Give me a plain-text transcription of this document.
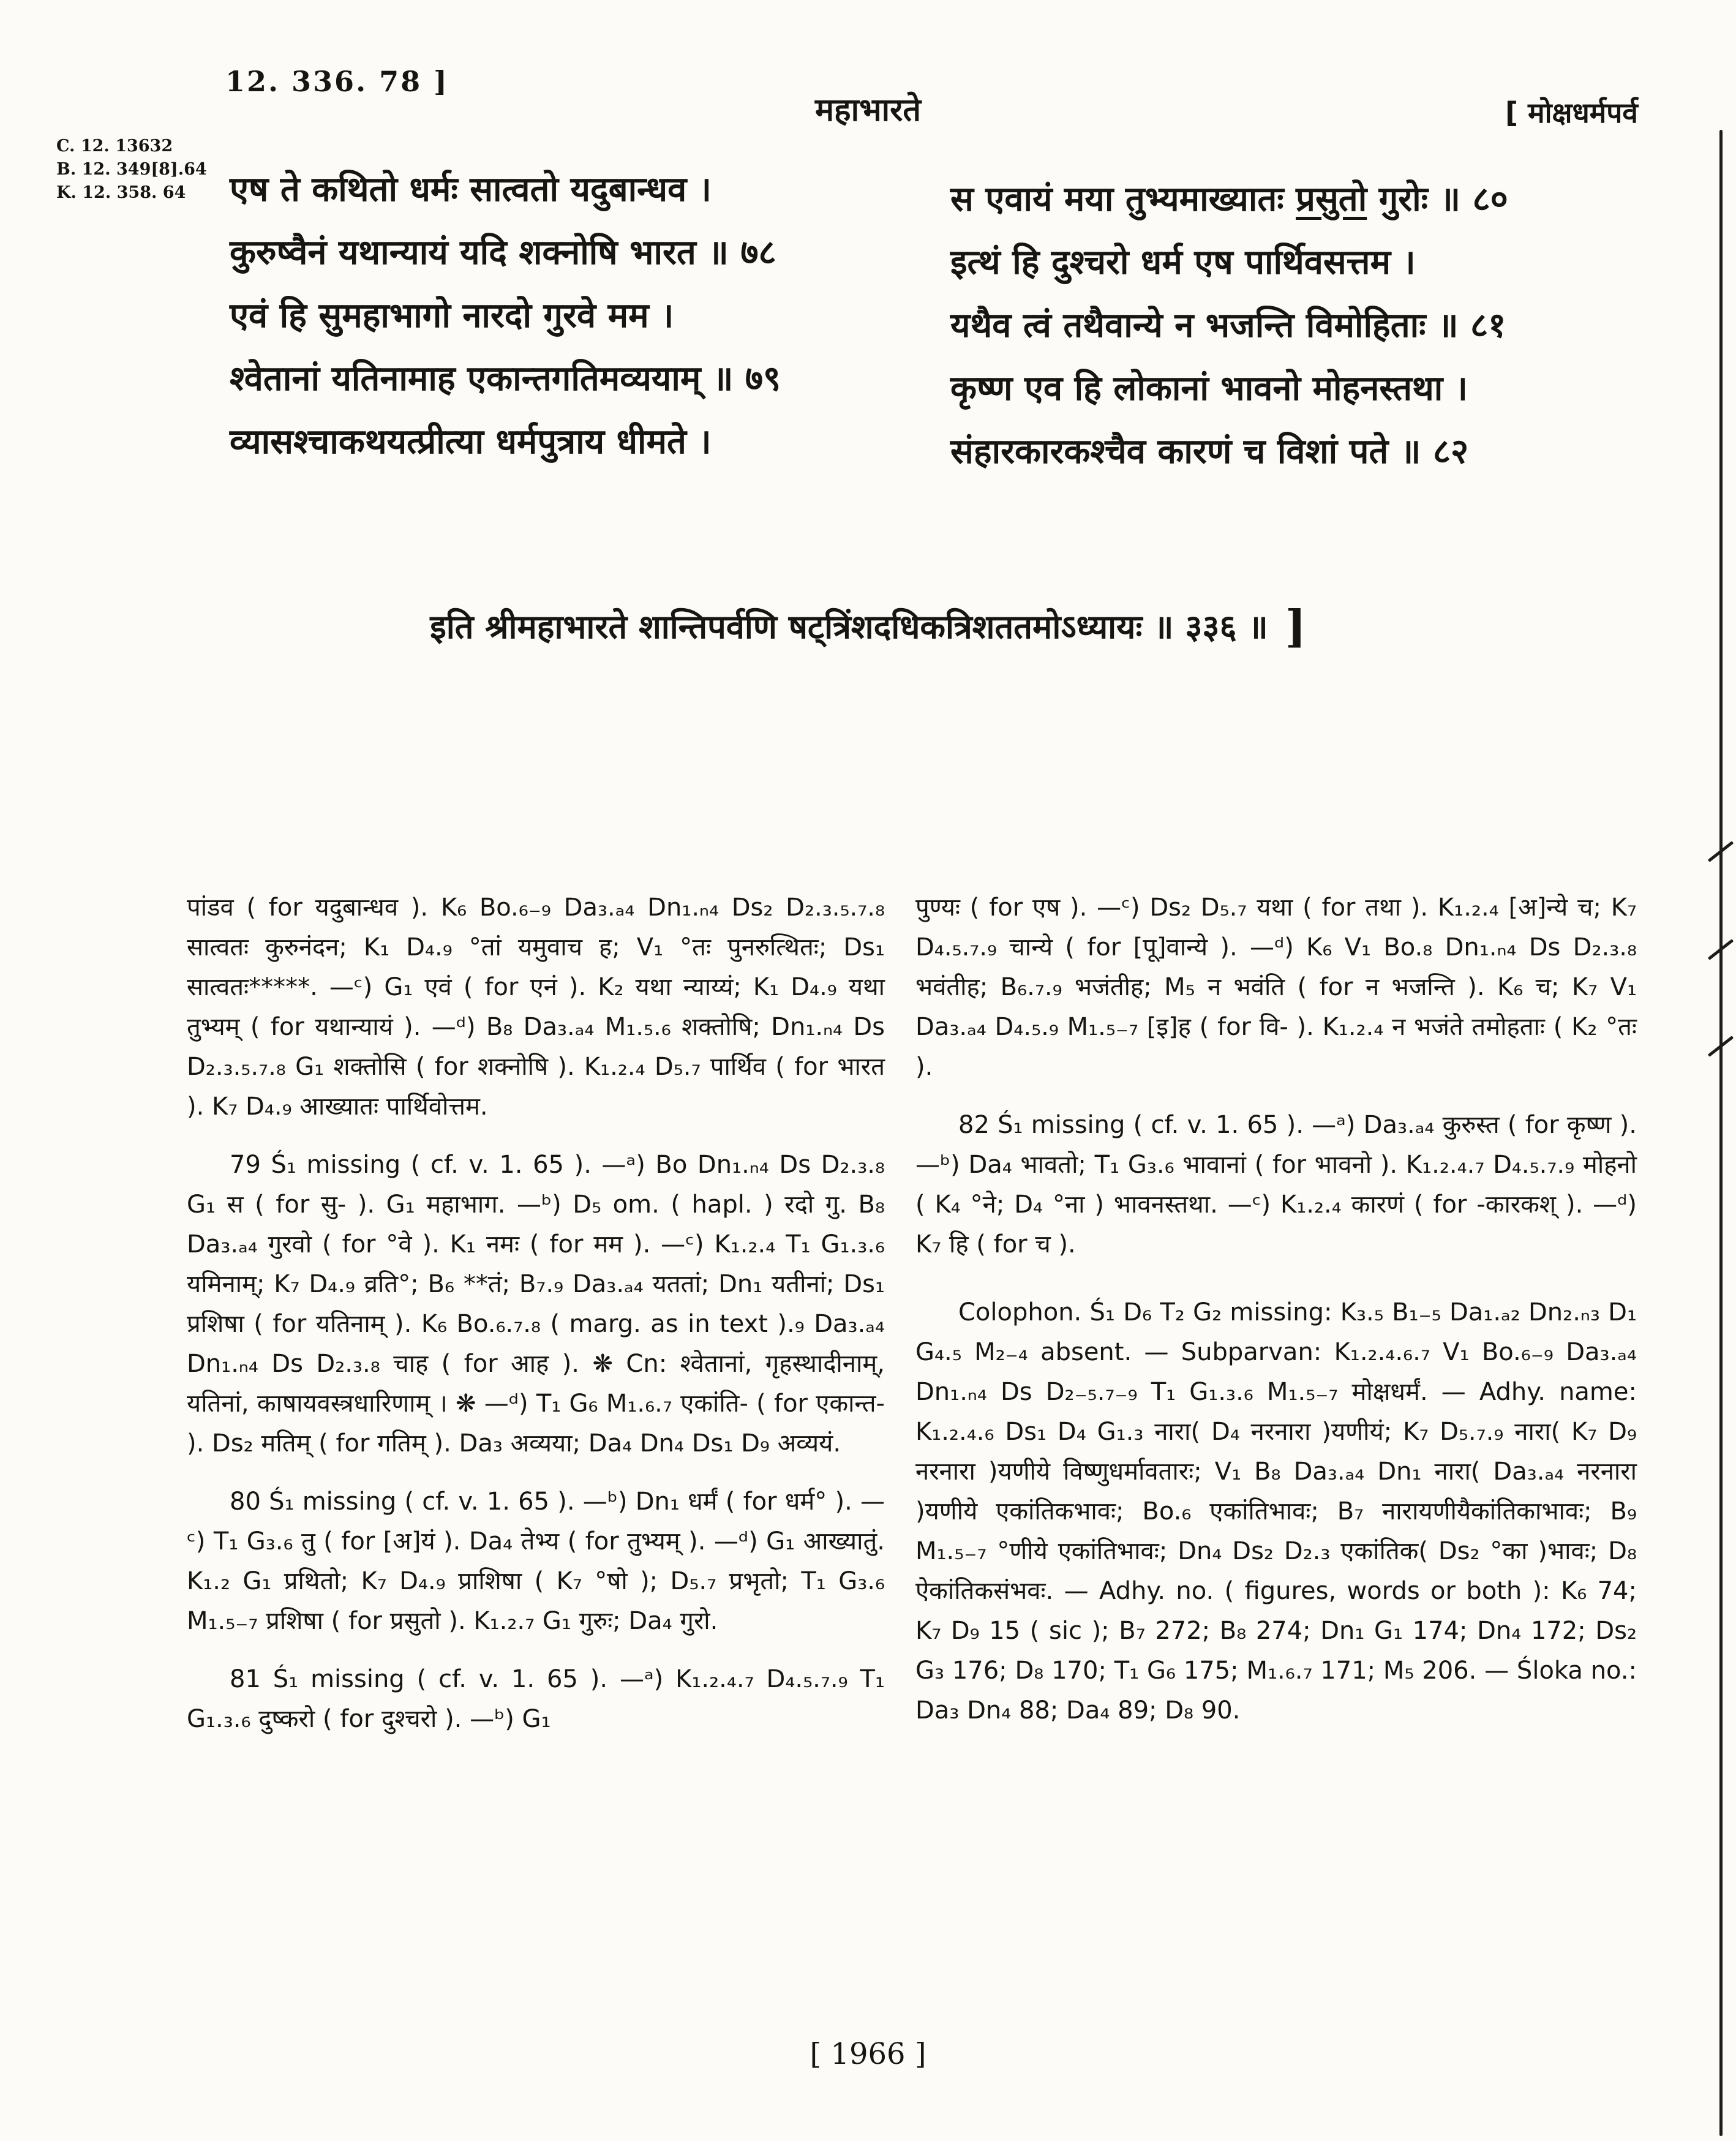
12. 336. 78 ]
महाभारते	[ मोक्षधर्मपर्व
C. 12. 13632
B. 12. 349[8].64
K. 12. 358. 64	एष ते कथितो धर्मः सात्वतो यदुबान्धव ।
कुरुष्वैनं यथान्यायं यदि शक्नोषि भारत ॥ ७८
एवं हि सुमहाभागो नारदो गुरवे मम ।
श्वेतानां यतिनामाह एकान्तगतिमव्ययाम् ॥ ७९
व्यासश्चाकथयत्प्रीत्या धर्मपुत्राय धीमते ।
स एवायं मया तुभ्यमाख्यातः प्रसुतो गुरोः ॥ ८०
इत्थं हि दुश्चरो धर्म एष पार्थिवसत्तम ।
यथैव त्वं तथैवान्ये न भजन्ति विमोहिताः ॥ ८१
कृष्ण एव हि लोकानां भावनो मोहनस्तथा ।
संहारकारकश्चैव कारणं च विशां पते ॥ ८२
इति श्रीमहाभारते शान्तिपर्वणि षट्त्रिंशदधिकत्रिशततमोऽध्यायः ॥ ३३६ ॥ ]

पांडव ( for यदुबान्धव ). K₆ Bo.₆₋₉ Da₃.ₐ₄ Dn₁.ₙ₄ Ds₂ D₂.₃.₅.₇.₈ सात्वतः कुरुनंदन; K₁ D₄.₉ °तां यमुवाच ह; V₁ °तः पुनरुत्थितः; Ds₁ सात्वतः*****. —ᶜ) G₁ एवं ( for एनं ). K₂ यथा न्याय्यं; K₁ D₄.₉ यथा तुभ्यम् ( for यथान्यायं ). —ᵈ) B₈ Da₃.ₐ₄ M₁.₅.₆ शक्तोषि; Dn₁.ₙ₄ Ds D₂.₃.₅.₇.₈ G₁ शक्तोसि ( for शक्नोषि ). K₁.₂.₄ D₅.₇ पार्थिव ( for भारत ). K₇ D₄.₉ आख्यातः पार्थिवोत्तम.

79 Ś₁ missing ( cf. v. 1. 65 ). —ᵃ) Bo Dn₁.ₙ₄ Ds D₂.₃.₈ G₁ स ( for सु- ). G₁ महाभाग. —ᵇ) D₅ om. ( hapl. ) रदो गु. B₈ Da₃.ₐ₄ गुरवो ( for °वे ). K₁ नमः ( for मम ). —ᶜ) K₁.₂.₄ T₁ G₁.₃.₆ यमिनाम्; K₇ D₄.₉ व्रति°; B₆ **तं; B₇.₉ Da₃.ₐ₄ यततां; Dn₁ यतीनां; Ds₁ प्रशिषा ( for यतिनाम् ). K₆ Bo.₆.₇.₈ ( marg. as in text ).₉ Da₃.ₐ₄ Dn₁.ₙ₄ Ds D₂.₃.₈ चाह ( for आह ). ❋ Cn: श्वेतानां, गृहस्थादीनाम्, यतिनां, काषायवस्त्रधारिणाम् । ❋ —ᵈ) T₁ G₆ M₁.₆.₇ एकांति- ( for एकान्त- ). Ds₂ मतिम् ( for गतिम् ). Da₃ अव्यया; Da₄ Dn₄ Ds₁ D₉ अव्ययं.

80 Ś₁ missing ( cf. v. 1. 65 ). —ᵇ) Dn₁ धर्मं ( for धर्म° ). —ᶜ) T₁ G₃.₆ तु ( for [अ]यं ). Da₄ तेभ्य ( for तुभ्यम् ). —ᵈ) G₁ आख्यातुं. K₁.₂ G₁ प्रथितो; K₇ D₄.₉ प्राशिषा ( K₇ °षो ); D₅.₇ प्रभृतो; T₁ G₃.₆ M₁.₅₋₇ प्रशिषा ( for प्रसुतो ). K₁.₂.₇ G₁ गुरुः; Da₄ गुरो.

81 Ś₁ missing ( cf. v. 1. 65 ). —ᵃ) K₁.₂.₄.₇ D₄.₅.₇.₉ T₁ G₁.₃.₆ दुष्करो ( for दुश्चरो ). —ᵇ) G₁

पुण्यः ( for एष ). —ᶜ) Ds₂ D₅.₇ यथा ( for तथा ). K₁.₂.₄ [अ]न्ये च; K₇ D₄.₅.₇.₉ चान्ये ( for [पू]वान्ये ). —ᵈ) K₆ V₁ Bo.₈ Dn₁.ₙ₄ Ds D₂.₃.₈ भवंतीह; B₆.₇.₉ भजंतीह; M₅ न भवंति ( for न भजन्ति ). K₆ च; K₇ V₁ Da₃.ₐ₄ D₄.₅.₉ M₁.₅₋₇ [इ]ह ( for वि- ). K₁.₂.₄ न भजंते तमोहताः ( K₂ °तः ).

82 Ś₁ missing ( cf. v. 1. 65 ). —ᵃ) Da₃.ₐ₄ कुरुस्त ( for कृष्ण ). —ᵇ) Da₄ भावतो; T₁ G₃.₆ भावानां ( for भावनो ). K₁.₂.₄.₇ D₄.₅.₇.₉ मोहनो ( K₄ °ने; D₄ °ना ) भावनस्तथा. —ᶜ) K₁.₂.₄ कारणं ( for -कारकश् ). —ᵈ) K₇ हि ( for च ).

Colophon. Ś₁ D₆ T₂ G₂ missing: K₃.₅ B₁₋₅ Da₁.ₐ₂ Dn₂.ₙ₃ D₁ G₄.₅ M₂₋₄ absent. — Subparvan: K₁.₂.₄.₆.₇ V₁ Bo.₆₋₉ Da₃.ₐ₄ Dn₁.ₙ₄ Ds D₂₋₅.₇₋₉ T₁ G₁.₃.₆ M₁.₅₋₇ मोक्षधर्मं. — Adhy. name: K₁.₂.₄.₆ Ds₁ D₄ G₁.₃ नारा( D₄ नरनारा )यणीयं; K₇ D₅.₇.₉ नारा( K₇ D₉ नरनारा )यणीये विष्णुधर्मावतारः; V₁ B₈ Da₃.ₐ₄ Dn₁ नारा( Da₃.ₐ₄ नरनारा )यणीये एकांतिकभावः; Bo.₆ एकांतिभावः; B₇ नारायणीयैकांतिकाभावः; B₉ M₁.₅₋₇ °णीये एकांतिभावः; Dn₄ Ds₂ D₂.₃ एकांतिक( Ds₂ °का )भावः; D₈ ऐकांतिकसंभवः. — Adhy. no. ( figures, words or both ): K₆ 74; K₇ D₉ 15 ( sic ); B₇ 272; B₈ 274; Dn₁ G₁ 174; Dn₄ 172; Ds₂ G₃ 176; D₈ 170; T₁ G₆ 175; M₁.₆.₇ 171; M₅ 206. — Śloka no.: Da₃ Dn₄ 88; Da₄ 89; D₈ 90.

[ 1966 ]
